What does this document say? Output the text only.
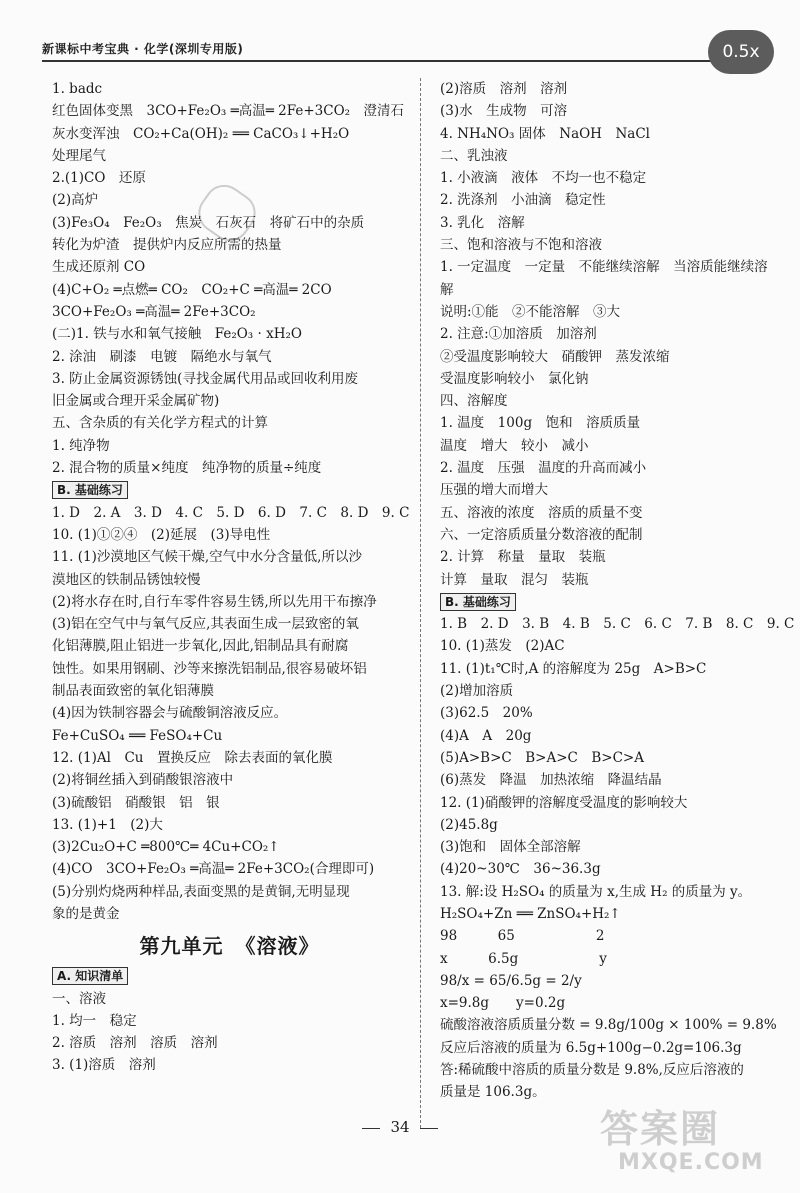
新课标中考宝典 · 化学(深圳专用版)	0.5x
1. badc
红色固体变黑　3CO+Fe₂O₃ ═高温═ 2Fe+3CO₂　澄清石
灰水变浑浊　CO₂+Ca(OH)₂ ══ CaCO₃↓+H₂O
处理尾气
2.(1)CO　还原
(2)高炉
(3)Fe₃O₄　Fe₂O₃　焦炭　石灰石　将矿石中的杂质
转化为炉渣　提供炉内反应所需的热量
生成还原剂 CO
(4)C+O₂ ═点燃═ CO₂　CO₂+C ═高温═ 2CO
3CO+Fe₂O₃ ═高温═ 2Fe+3CO₂
(二)1. 铁与水和氧气接触　Fe₂O₃ · xH₂O
2. 涂油　刷漆　电镀　隔绝水与氧气
3. 防止金属资源锈蚀(寻找金属代用品或回收利用废
旧金属或合理开采金属矿物)
五、含杂质的有关化学方程式的计算
1. 纯净物
2. 混合物的质量×纯度　纯净物的质量÷纯度
B. 基础练习
1. D　2. A　3. D　4. C　5. D　6. D　7. C　8. D　9. C
10. (1)①②④　(2)延展　(3)导电性
11. (1)沙漠地区气候干燥,空气中水分含量低,所以沙
漠地区的铁制品锈蚀较慢
(2)将水存在时,自行车零件容易生锈,所以先用干布擦净
(3)铝在空气中与氧气反应,其表面生成一层致密的氧
化铝薄膜,阻止铝进一步氧化,因此,铝制品具有耐腐
蚀性。如果用钢刷、沙等来擦洗铝制品,很容易破坏铝
制品表面致密的氧化铝薄膜
(4)因为铁制容器会与硫酸铜溶液反应。
Fe+CuSO₄ ══ FeSO₄+Cu
12. (1)Al　Cu　置换反应　除去表面的氧化膜
(2)将铜丝插入到硝酸银溶液中
(3)硫酸铝　硝酸银　铝　银
13. (1)+1　(2)大
(3)2Cu₂O+C ═800℃═ 4Cu+CO₂↑
(4)CO　3CO+Fe₂O₃ ═高温═ 2Fe+3CO₂(合理即可)
(5)分别灼烧两种样品,表面变黑的是黄铜,无明显现
象的是黄金
第九单元 《溶液》
A. 知识清单
一、溶液
1. 均一　稳定
2. 溶质　溶剂　溶质　溶剂
3. (1)溶质　溶剂
(2)溶质　溶剂　溶剂
(3)水　生成物　可溶
4. NH₄NO₃ 固体　NaOH　NaCl
二、乳浊液
1. 小液滴　液体　不均一也不稳定
2. 洗涤剂　小油滴　稳定性
3. 乳化　溶解
三、饱和溶液与不饱和溶液
1. 一定温度　一定量　不能继续溶解　当溶质能继续溶
解
说明:①能　②不能溶解　③大
2. 注意:①加溶质　加溶剂
②受温度影响较大　硝酸钾　蒸发浓缩
受温度影响较小　氯化钠
四、溶解度
1. 温度　100g　饱和　溶质质量
温度　增大　较小　减小
2. 温度　压强　温度的升高而减小
压强的增大而增大
五、溶液的浓度　溶质的质量不变
六、一定溶质质量分数溶液的配制
2. 计算　称量　量取　装瓶
计算　量取　混匀　装瓶
B. 基础练习
1. B　2. D　3. B　4. B　5. C　6. C　7. B　8. C　9. C
10. (1)蒸发　(2)AC
11. (1)t₁℃时,A 的溶解度为 25g　A>B>C
(2)增加溶质
(3)62.5　20%
(4)A　A　20g
(5)A>B>C　B>A>C　B>C>A
(6)蒸发　降温　加热浓缩　降温结晶
12. (1)硝酸钾的溶解度受温度的影响较大
(2)45.8g
(3)饱和　固体全部溶解
(4)20~30℃　36~36.3g
13. 解:设 H₂SO₄ 的质量为 x,生成 H₂ 的质量为 y。
H₂SO₄+Zn ══ ZnSO₄+H₂↑
98　　　65　　　　　　2
x　　　6.5g　　　　　　y
98/x = 65/6.5g = 2/y
x=9.8g　　y=0.2g
硫酸溶液溶质质量分数 = 9.8g/100g × 100% = 9.8%
反应后溶液的质量为 6.5g+100g−0.2g=106.3g
答:稀硫酸中溶质的质量分数是 9.8%,反应后溶液的
质量是 106.3g。
34	答案圈
MXQE.COM
